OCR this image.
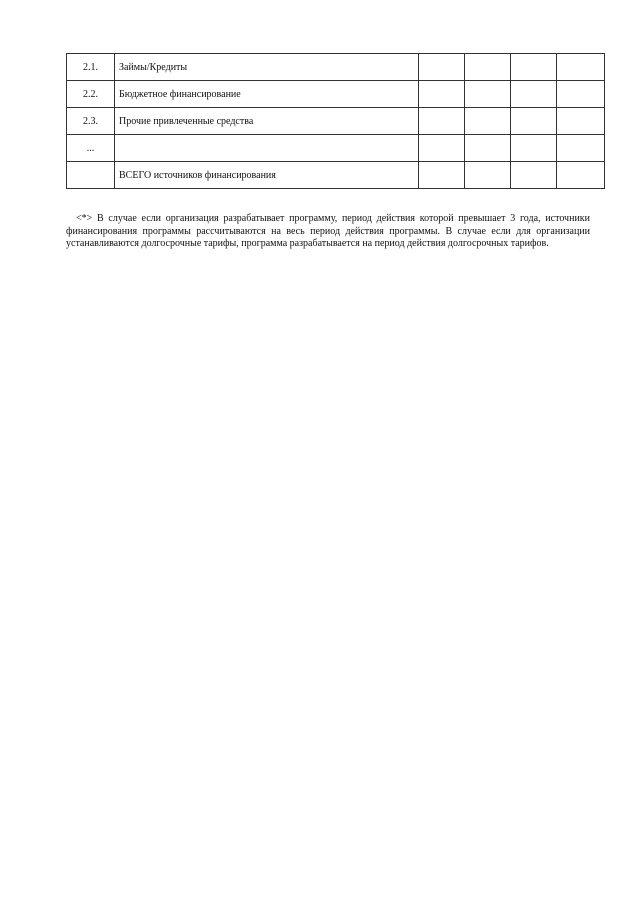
2.1.	Займы/Кредиты				
2.2.	Бюджетное финансирование				
2.3.	Прочие привлеченные средства				
...					
	ВСЕГО источников финансирования				

<*> В случае если организация разрабатывает программу, период действия которой превышает 3 года, источники финансирования программы рассчитываются на весь период действия программы. В случае если для организации устанавливаются долгосрочные тарифы, программа разрабатывается на период действия долгосрочных тарифов.
